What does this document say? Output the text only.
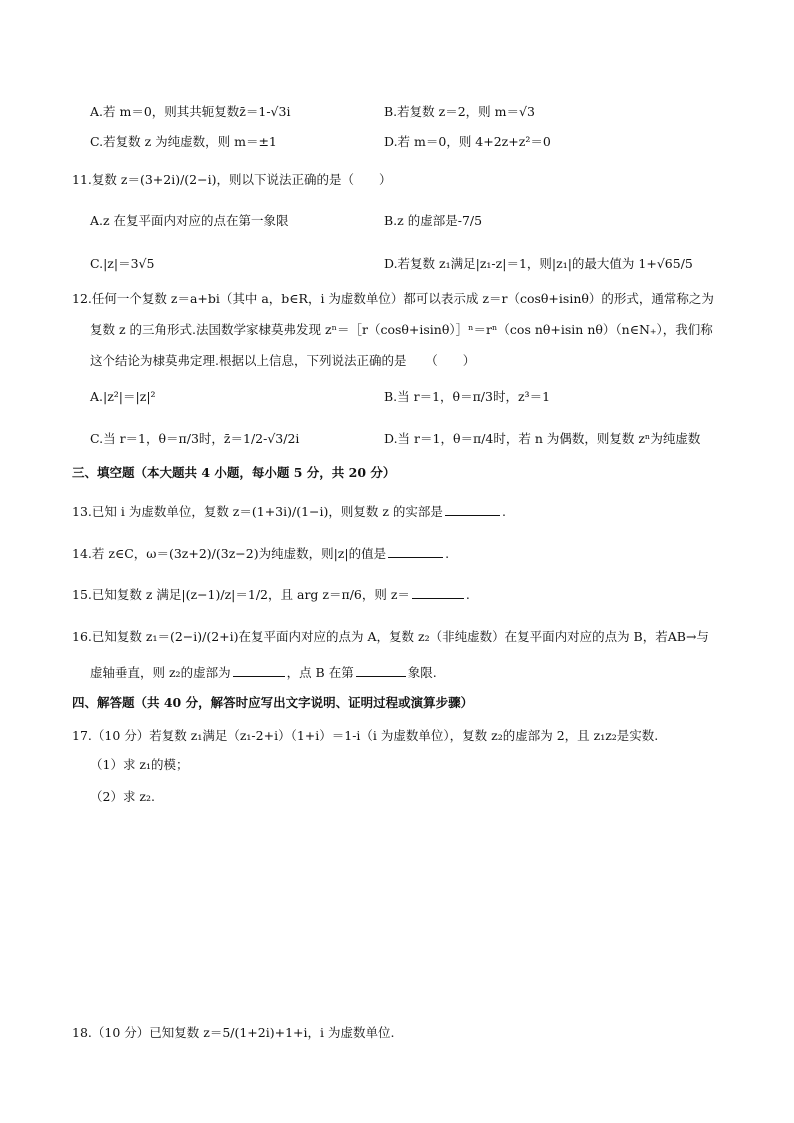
A.若 m＝0，则其共轭复数z̄＝1-√3i	B.若复数 z＝2，则 m＝√3
C.若复数 z 为纯虚数，则 m＝±1	D.若 m＝0，则 4+2z+z²＝0
11.复数 z＝(3+2i)/(2−i)，则以下说法正确的是（　　）
A.z 在复平面内对应的点在第一象限	B.z 的虚部是-7/5
C.|z|＝3√5	D.若复数 z₁满足|z₁-z|＝1，则|z₁|的最大值为 1+√65/5
12.任何一个复数 z＝a+bi（其中 a，b∈R，i 为虚数单位）都可以表示成 z＝r（cosθ+isinθ）的形式，通常称之为
复数 z 的三角形式.法国数学家棣莫弗发现 zⁿ＝［r（cosθ+isinθ）］ⁿ＝rⁿ（cos nθ+isin nθ）（n∈N₊），我们称
这个结论为棣莫弗定理.根据以上信息，下列说法正确的是　　（　　）
A.|z²|＝|z|²	B.当 r＝1，θ＝π/3时，z³＝1
C.当 r＝1，θ＝π/3时，z̄＝1/2-√3/2i	D.当 r＝1，θ＝π/4时，若 n 为偶数，则复数 zⁿ为纯虚数
三、填空题（本大题共 4 小题，每小题 5 分，共 20 分）
13.已知 i 为虚数单位，复数 z＝(1+3i)/(1−i)，则复数 z 的实部是	.
14.若 z∈C，ω＝(3z+2)/(3z−2)为纯虚数，则|z|的值是	.
15.已知复数 z 满足|(z−1)/z|＝1/2，且 arg z＝π/6，则 z＝	.
16.已知复数 z₁＝(2−i)/(2+i)在复平面内对应的点为 A，复数 z₂（非纯虚数）在复平面内对应的点为 B，若AB→与
虚轴垂直，则 z₂的虚部为	，点 B 在第	象限.
四、解答题（共 40 分，解答时应写出文字说明、证明过程或演算步骤）
17.（10 分）若复数 z₁满足（z₁-2+i）（1+i）＝1-i（i 为虚数单位），复数 z₂的虚部为 2，且 z₁z₂是实数.
（1）求 z₁的模；
（2）求 z₂.
18.（10 分）已知复数 z＝5/(1+2i)+1+i，i 为虚数单位.
